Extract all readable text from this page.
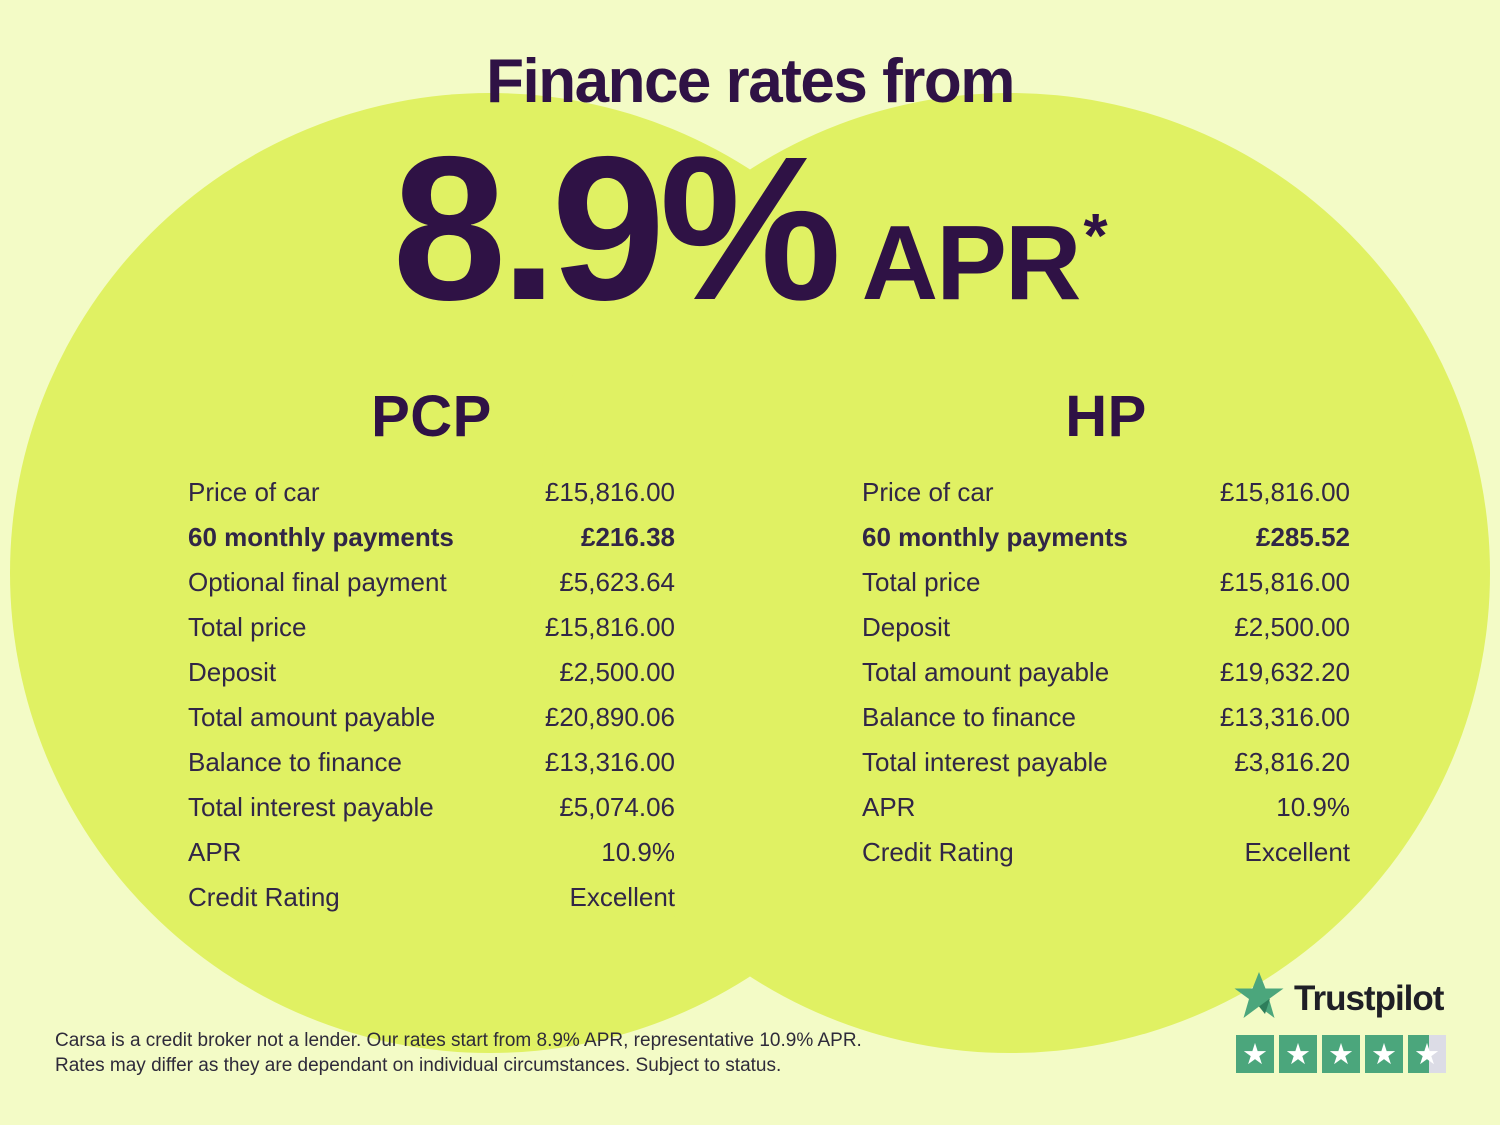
Finance rates from
8.9% APR*
PCP
Price of car	£15,816.00
60 monthly payments	£216.38
Optional final payment	£5,623.64
Total price	£15,816.00
Deposit	£2,500.00
Total amount payable	£20,890.06
Balance to finance	£13,316.00
Total interest payable	£5,074.06
APR	10.9%
Credit Rating	Excellent
HP
Price of car	£15,816.00
60 monthly payments	£285.52
Total price	£15,816.00
Deposit	£2,500.00
Total amount payable	£19,632.20
Balance to finance	£13,316.00
Total interest payable	£3,816.20
APR	10.9%
Credit Rating	Excellent
Carsa is a credit broker not a lender. Our rates start from 8.9% APR, representative 10.9% APR.
Rates may differ as they are dependant on individual circumstances. Subject to status.
Trustpilot
★ ★ ★ ★ ★
